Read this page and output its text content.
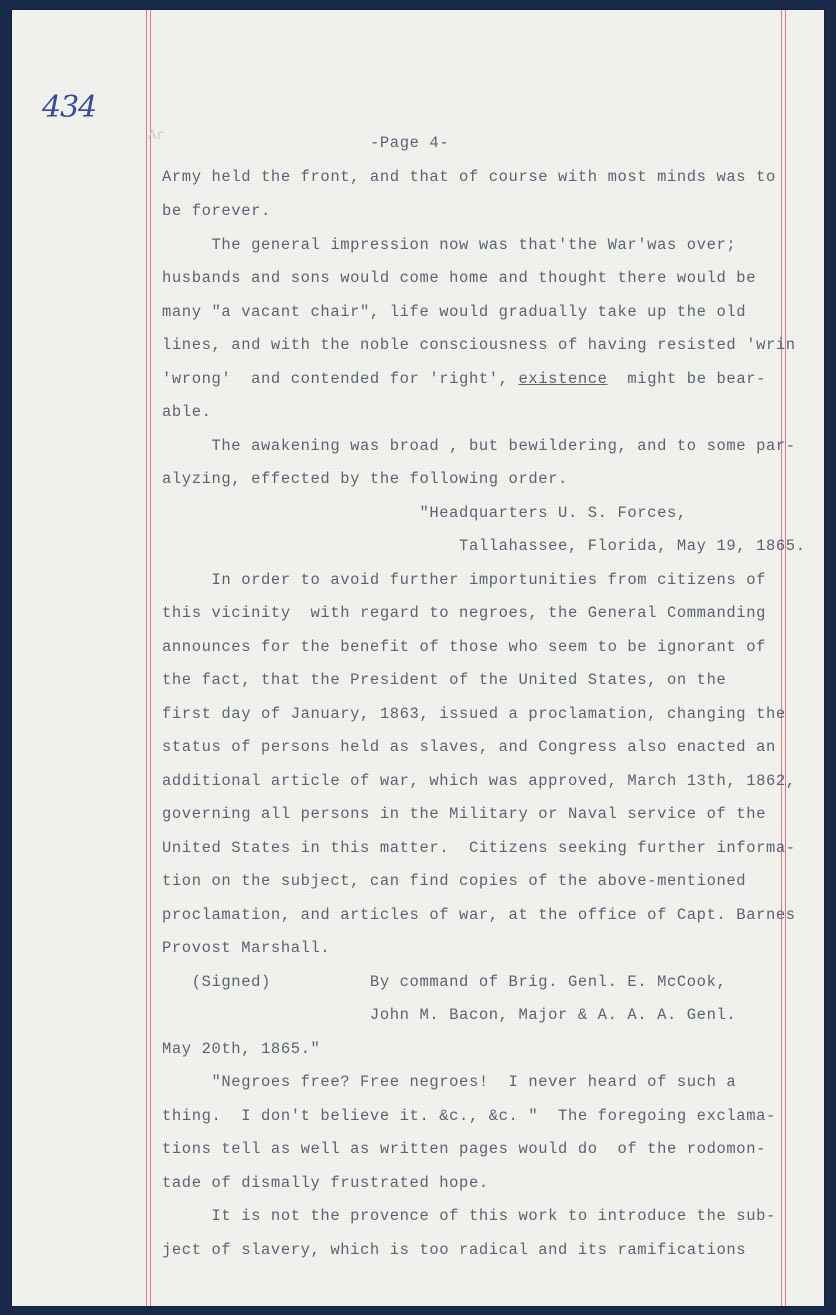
434
Ar	-Page 4-
Army held the front, and that of course with most minds was to
be forever.
The general impression now was that'the War'was over;
husbands and sons would come home and thought there would be
many "a vacant chair", life would gradually take up the old
lines, and with the noble consciousness of having resisted 'wrin
'wrong'  and contended for 'right', existence  might be bear-
able.
The awakening was broad , but bewildering, and to some par-
alyzing, effected by the following order.
"Headquarters U. S. Forces,
Tallahassee, Florida, May 19, 1865.
In order to avoid further importunities from citizens of
this vicinity  with regard to negroes, the General Commanding
announces for the benefit of those who seem to be ignorant of
the fact, that the President of the United States, on the
first day of January, 1863, issued a proclamation, changing the
status of persons held as slaves, and Congress also enacted an
additional article of war, which was approved, March 13th, 1862,
governing all persons in the Military or Naval service of the
United States in this matter.  Citizens seeking further informa-
tion on the subject, can find copies of the above-mentioned
proclamation, and articles of war, at the office of Capt. Barnes
Provost Marshall.
(Signed)          By command of Brig. Genl. E. McCook,
John M. Bacon, Major & A. A. A. Genl.
May 20th, 1865."
"Negroes free? Free negroes!  I never heard of such a
thing.  I don't believe it. &c., &c. "  The foregoing exclama-
tions tell as well as written pages would do  of the rodomon-
tade of dismally frustrated hope.
It is not the provence of this work to introduce the sub-
ject of slavery, which is too radical and its ramifications
